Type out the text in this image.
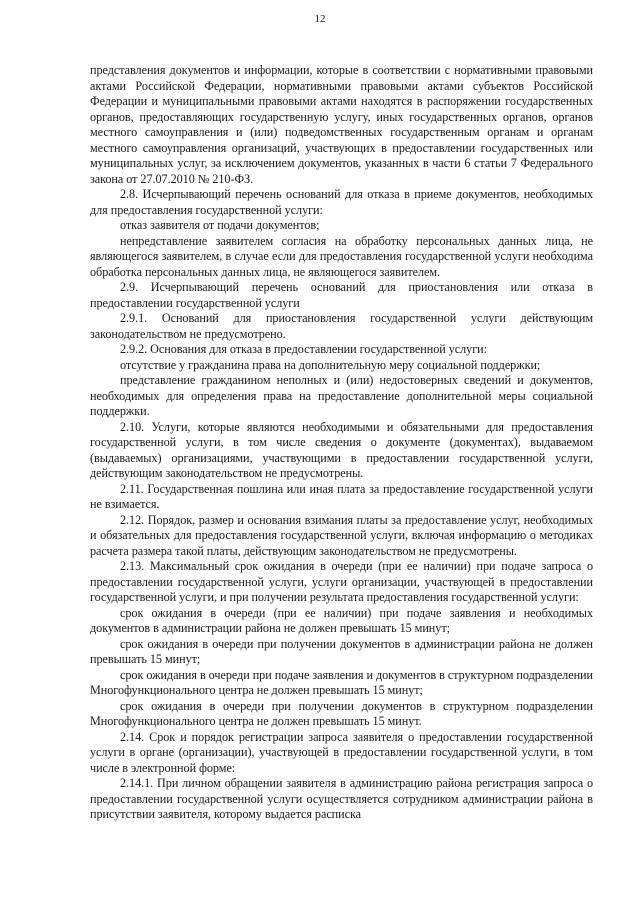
12

представления документов и информации, которые в соответствии с нормативными правовыми актами Российской Федерации, нормативными правовыми актами субъектов Российской Федерации и муниципальными правовыми актами находятся в распоряжении государственных органов, предоставляющих государственную услугу, иных государственных органов, органов местного самоуправления и (или) подведомственных государственным органам и органам местного самоуправления организаций, участвующих в предоставлении государственных или муниципальных услуг, за исключением документов, указанных в части 6 статьи 7 Федерального закона от 27.07.2010 № 210-ФЗ.

2.8. Исчерпывающий перечень оснований для отказа в приеме документов, необходимых для предоставления государственной услуги:

отказ заявителя от подачи документов;

непредставление заявителем согласия на обработку персональных данных лица, не являющегося заявителем, в случае если для предоставления государственной услуги необходима обработка персональных данных лица, не являющегося заявителем.

2.9. Исчерпывающий перечень оснований для приостановления или отказа в предоставлении государственной услуги

2.9.1. Оснований для приостановления государственной услуги действующим законодательством не предусмотрено.

2.9.2. Основания для отказа в предоставлении государственной услуги:

отсутствие у гражданина права на дополнительную меру социальной поддержки;

представление гражданином неполных и (или) недостоверных сведений и документов, необходимых для определения права на предоставление дополнительной меры социальной поддержки.

2.10. Услуги, которые являются необходимыми и обязательными для предоставления государственной услуги, в том числе сведения о документе (документах), выдаваемом (выдаваемых) организациями, участвующими в предоставлении государственной услуги, действующим законодательством не предусмотрены.

2.11. Государственная пошлина или иная плата за предоставление государственной услуги не взимается.

2.12. Порядок, размер и основания взимания платы за предоставление услуг, необходимых и обязательных для предоставления государственной услуги, включая информацию о методиках расчета размера такой платы, действующим законодательством не предусмотрены.

2.13. Максимальный срок ожидания в очереди (при ее наличии) при подаче запроса о предоставлении государственной услуги, услуги организации, участвующей в предоставлении государственной услуги, и при получении результата предоставления государственной услуги:

срок ожидания в очереди (при ее наличии) при подаче заявления и необходимых документов в администрации района не должен превышать 15 минут;

срок ожидания в очереди при получении документов в администрации района не должен превышать 15 минут;

срок ожидания в очереди при подаче заявления и документов в структурном подразделении Многофункционального центра не должен превышать 15 минут;

срок ожидания в очереди при получении документов в структурном подразделении Многофункционального центра не должен превышать 15 минут.

2.14. Срок и порядок регистрации запроса заявителя о предоставлении государственной услуги в органе (организации), участвующей в предоставлении государственной услуги, в том числе в электронной форме:

2.14.1. При личном обращении заявителя в администрацию района регистрация запроса о предоставлении государственной услуги осуществляется сотрудником администрации района в присутствии заявителя, которому выдается расписка
